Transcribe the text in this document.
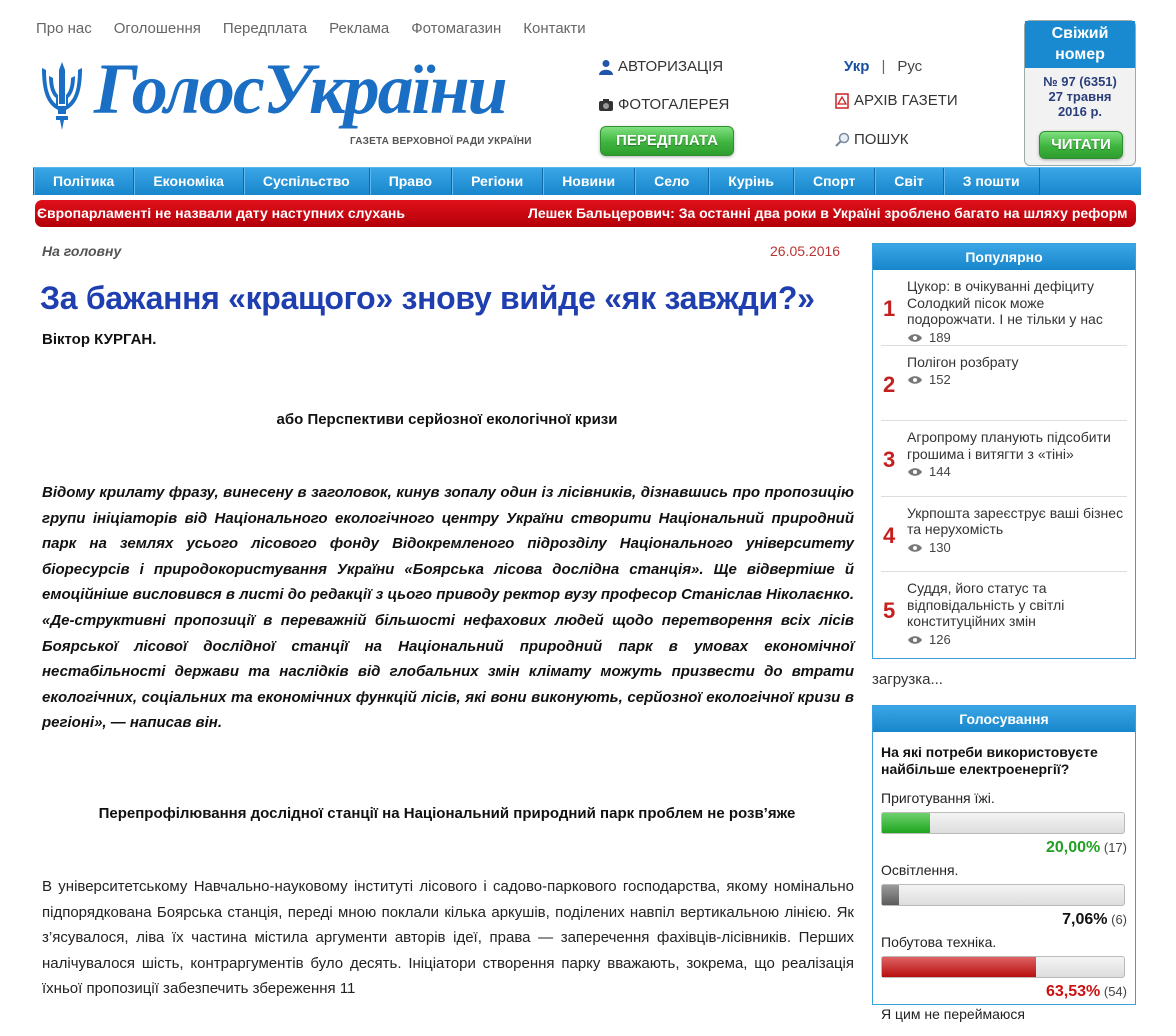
Про нас Оголошення Передплата Реклама Фотомагазин Контакти
ГолосУкраїни
ГАЗЕТА ВЕРХОВНОЇ РАДИ УКРАЇНИ
АВТОРИЗАЦІЯ
ФОТОГАЛЕРЕЯ
ПЕРЕДПЛАТА
Укр | Рус
АРХІВ ГАЗЕТИ
ПОШУК
Свіжий номер
№ 97 (6351)
27 травня
2016 р.
ЧИТАТИ
Політика	Економіка	Суспільство	Право	Регіони	Новини	Село	Курінь	Спорт	Світ	З пошти
Європарламенті не назвали дату наступних слухань	Лешек Бальцерович: За останні два роки в Україні зроблено багато на шляху реформ
На головну	26.05.2016
За бажання «кращого» знову вийде «як завжди?»
Віктор КУРГАН.
або Перспективи серйозної екологічної кризи
Відому крилату фразу, винесену в заголовок, кинув зопалу один із лісівників, дізнавшись про пропозицію групи ініціаторів від Національного екологічного центру України створити Національний природний парк на землях усього лісового фонду Відокремленого підрозділу Національного університету біоресурсів і природокористування України «Боярська лісова дослідна станція». Ще відвертіше й емоційніше висловився в листі до редакції з цього приводу ректор вузу професор Станіслав Ніколаєнко. «Де-структивні пропозиції в переважній більшості нефахових людей щодо перетворення всіх лісів Боярської лісової дослідної станції на Національний природний парк в умовах економічної нестабільності держави та наслідків від глобальних змін клімату можуть призвести до втрати екологічних, соціальних та економічних функцій лісів, які вони виконують, серйозної екологічної кризи в регіоні», — написав він.
Перепрофілювання дослідної станції на Національний природний парк проблем не розв’яже
В університетському Навчально-науковому інституті лісового і садово-паркового господарства, якому номінально підпорядкована Боярська станція, переді мною поклали кілька аркушів, поділених навпіл вертикальною лінією. Як з’ясувалося, ліва їх частина містила аргументи авторів ідеї, права — заперечення фахівців-лісівників. Перших налічувалося шість, контраргументів було десять. Ініціатори створення парку вважають, зокрема, що реалізація їхньої пропозиції забезпечить збереження 11
Популярно
1
Цукор: в очікуванні дефіциту Солодкий пісок може подорожчати. І не тільки у нас
189
2
Полігон розбрату
152
3
Агропрому планують підсобити грошима і витягти з «тіні»
144
4
Укрпошта зареєструє ваші бізнес та нерухомість
130
5
Суддя, його статус та відповідальність у світлі конституційних змін
126
загрузка...
Голосування
На які потреби використовуєте найбільше електроенергії?
Приготування їжі.
20,00% (17)
Освітлення.
7,06% (6)
Побутова техніка.
63,53% (54)
Я цим не переймаюся
